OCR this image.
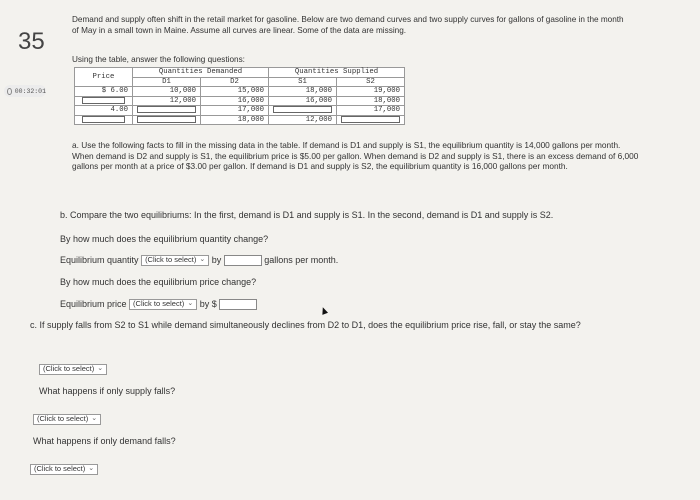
35
00:32:01
Demand and supply often shift in the retail market for gasoline. Below are two demand curves and two supply curves for gallons of gasoline in the month of May in a small town in Maine. Assume all curves are linear. Some of the data are missing.
Using the table, answer the following questions:
Price	Quantities Demanded		Quantities Supplied	
	D1	D2	S1	S2
$ 6.00	10,000	15,000	18,000	19,000
	12,000	16,000	16,000	18,000
4.00		17,000		17,000
		18,000	12,000	
a. Use the following facts to fill in the missing data in the table. If demand is D1 and supply is S1, the equilibrium quantity is 14,000 gallons per month. When demand is D2 and supply is S1, the equilibrium price is $5.00 per gallon. When demand is D2 and supply is S1, there is an excess demand of 6,000 gallons per month at a price of $3.00 per gallon. If demand is D1 and supply is S2, the equilibrium quantity is 16,000 gallons per month.
b. Compare the two equilibriums: In the first, demand is D1 and supply is S1. In the second, demand is D1 and supply is S2.
By how much does the equilibrium quantity change?
Equilibrium quantity (Click to select) ⌄ by	gallons per month.
By how much does the equilibrium price change?
Equilibrium price (Click to select) ⌄ by $
c. If supply falls from S2 to S1 while demand simultaneously declines from D2 to D1, does the equilibrium price rise, fall, or stay the same?
(Click to select) ⌄
What happens if only supply falls?
(Click to select) ⌄
What happens if only demand falls?
(Click to select) ⌄
